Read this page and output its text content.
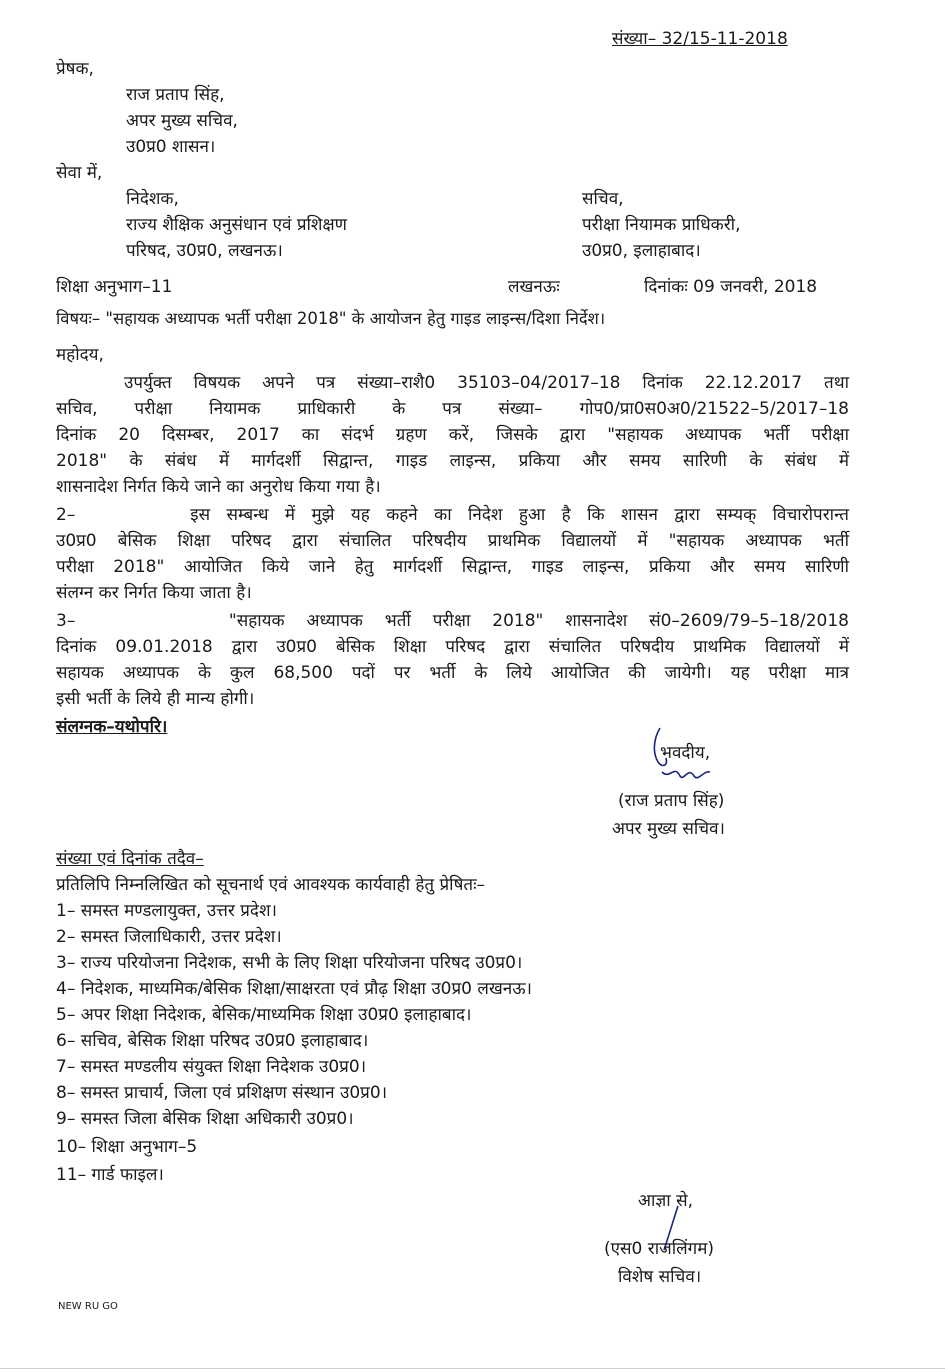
संख्या– 32/15-11-2018
प्रेषक,
राज प्रताप सिंह,
अपर मुख्य सचिव,
उ0प्र0 शासन।
सेवा में,
निदेशक,
राज्य शैक्षिक अनुसंधान एवं प्रशिक्षण
परिषद, उ0प्र0, लखनऊ।
सचिव,
परीक्षा नियामक प्राधिकरी,
उ0प्र0, इलाहाबाद।
शिक्षा अनुभाग–11	लखनऊः	दिनांकः 09 जनवरी, 2018
विषयः– "सहायक अध्यापक भर्ती परीक्षा 2018" के आयोजन हेतु गाइड लाइन्स/दिशा निर्देश।
महोदय,
उपर्युक्त विषयक अपने पत्र संख्या–राशै0 35103–04/2017–18 दिनांक 22.12.2017 तथा
सचिव, परीक्षा नियामक प्राधिकारी के पत्र संख्या– गोप0/प्रा0स0अ0/21522–5/2017–18
दिनांक 20 दिसम्बर, 2017 का संदर्भ ग्रहण करें, जिसके द्वारा "सहायक अध्यापक भर्ती परीक्षा
2018" के संबंध में मार्गदर्शी सिद्वान्त, गाइड लाइन्स, प्रकिया और समय सारिणी के संबंध में
शासनादेश निर्गत किये जाने का अनुरोध किया गया है।
2–       इस सम्बन्ध में मुझे यह कहने का निदेश हुआ है कि शासन द्वारा सम्यक् विचारोपरान्त
उ0प्र0 बेसिक शिक्षा परिषद द्वारा संचालित परिषदीय प्राथमिक विद्यालयों में "सहायक अध्यापक भर्ती
परीक्षा 2018" आयोजित किये जाने हेतु मार्गदर्शी सिद्वान्त, गाइड लाइन्स, प्रकिया और समय सारिणी
संलग्न कर निर्गत किया जाता है।
3–       "सहायक अध्यापक भर्ती परीक्षा 2018" शासनादेश सं0–2609/79–5–18/2018
दिनांक 09.01.2018 द्वारा उ0प्र0 बेसिक शिक्षा परिषद द्वारा संचालित परिषदीय प्राथमिक विद्यालयों में
सहायक अध्यापक के कुल 68,500 पदों पर भर्ती के लिये आयोजित की जायेगी। यह परीक्षा मात्र
इसी भर्ती के लिये ही मान्य होगी।
संलग्नक–यथोपरि।
भवदीय,
(राज प्रताप सिंह)
अपर मुख्य सचिव।
संख्या एवं दिनांक तदैव–
प्रतिलिपि निम्नलिखित को सूचनार्थ एवं आवश्यक कार्यवाही हेतु प्रेषितः–
1– समस्त मण्डलायुक्त, उत्तर प्रदेश।
2– समस्त जिलाधिकारी, उत्तर प्रदेश।
3– राज्य परियोजना निदेशक, सभी के लिए शिक्षा परियोजना परिषद उ0प्र0।
4– निदेशक, माध्यमिक/बेसिक शिक्षा/साक्षरता एवं प्रौढ़ शिक्षा उ0प्र0 लखनऊ।
5– अपर शिक्षा निदेशक, बेसिक/माध्यमिक शिक्षा उ0प्र0 इलाहाबाद।
6– सचिव, बेसिक शिक्षा परिषद उ0प्र0 इलाहाबाद।
7– समस्त मण्डलीय संयुक्त शिक्षा निदेशक उ0प्र0।
8– समस्त प्राचार्य, जिला एवं प्रशिक्षण संस्थान उ0प्र0।
9– समस्त जिला बेसिक शिक्षा अधिकारी उ0प्र0।
10– शिक्षा अनुभाग–5
11– गार्ड फाइल।
आज्ञा से,
(एस0 राजलिंगम)
विशेष सचिव।
NEW RU GO
